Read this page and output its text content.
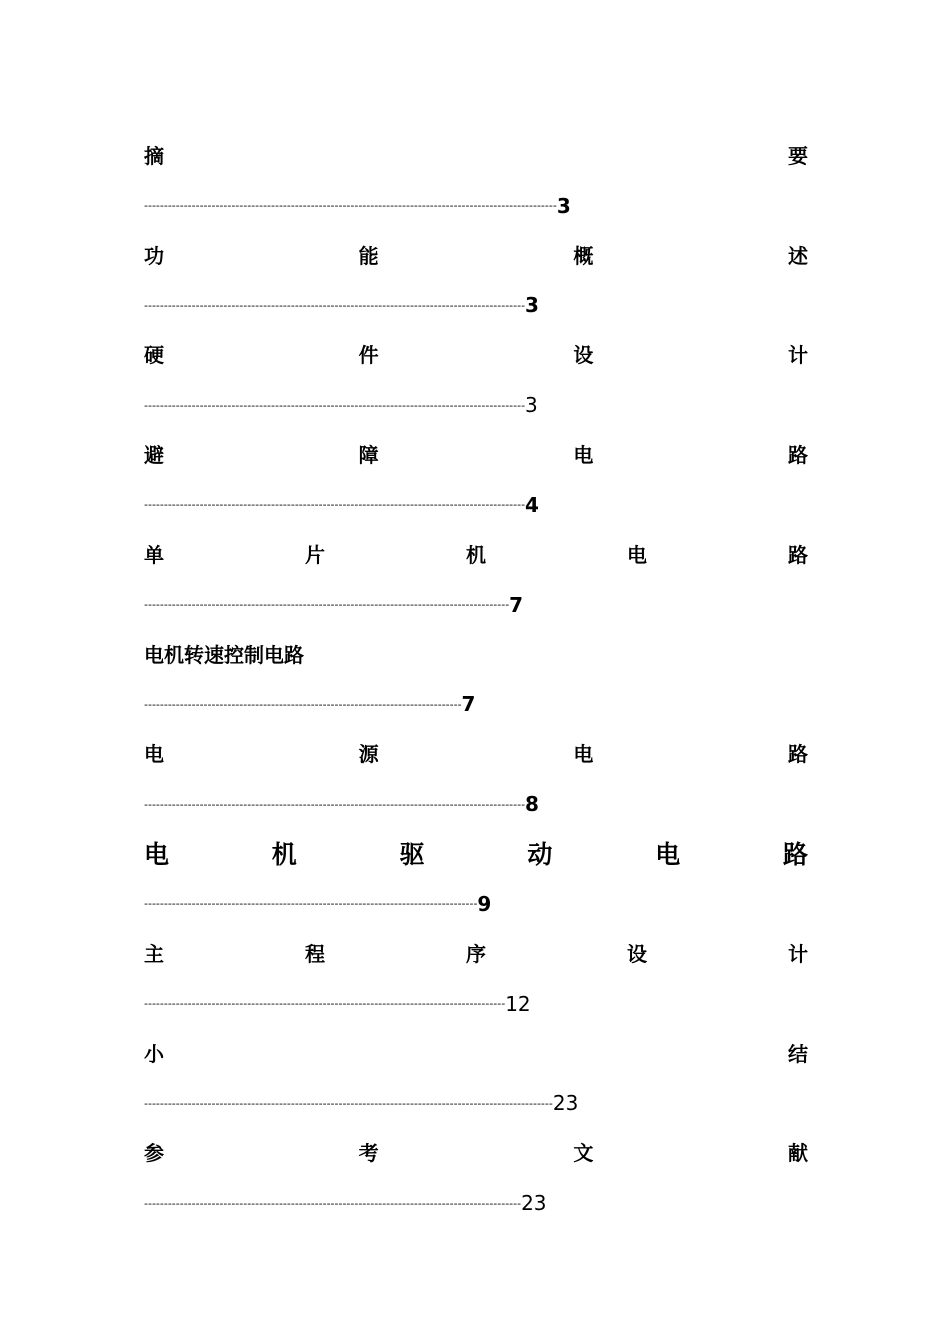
摘	要
-------------------------------------------------------------------------------------------------------- 3
功	能	概	述
------------------------------------------------------------------------------------------------ 3
硬	件	设	计
------------------------------------------------------------------------------------------------ 3
避	障	电	路
------------------------------------------------------------------------------------------------ 4
单	片	机	电	路
-------------------------------------------------------------------------------------------- 7
电机转速控制电路
-------------------------------------------------------------------------------- 7
电	源	电	路
------------------------------------------------------------------------------------------------ 8
电	机	驱	动	电	路
------------------------------------------------------------------------------------ 9
主	程	序	设	计
------------------------------------------------------------------------------------------- 12
小	结
------------------------------------------------------------------------------------------------------- 23
参	考	文	献
----------------------------------------------------------------------------------------------- 23
